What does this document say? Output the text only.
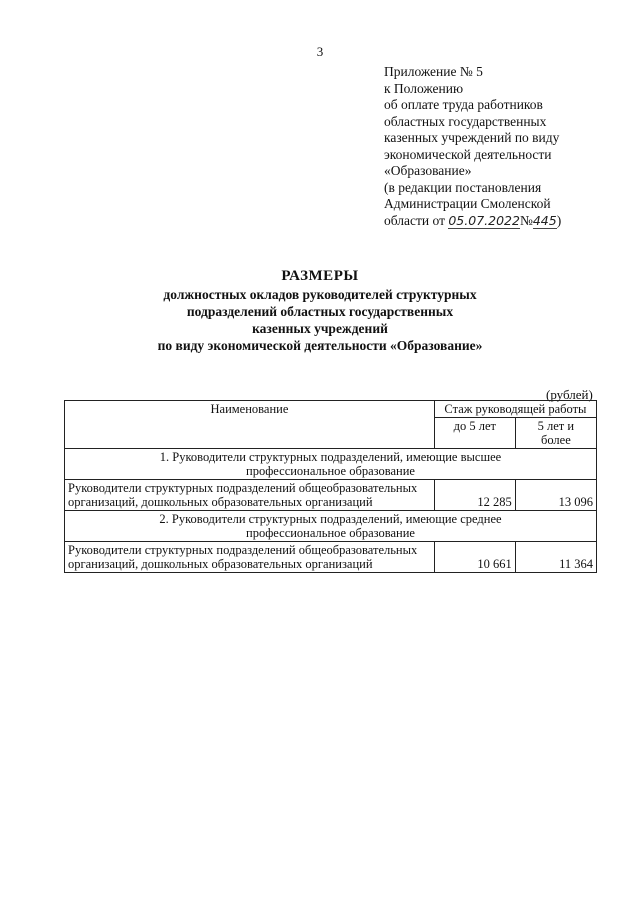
3
Приложение № 5
к Положению
об оплате труда работников
областных государственных
казенных учреждений по виду
экономической деятельности
«Образование»
(в редакции постановления
Администрации Смоленской
области от 05.07.2022№445)
РАЗМЕРЫ
должностных окладов руководителей структурных
подразделений областных государственных
казенных учреждений
по виду экономической деятельности «Образование»
(рублей)
Наименование	Стаж руководящей работы	
	до 5 лет	5 лет и
более

1. Руководители структурных подразделений, имеющие высшее
профессиональное образование		

Руководители структурных подразделений общеобразовательных
организаций, дошкольных образовательных организаций	12 285	13 096

2. Руководители структурных подразделений, имеющие среднее
профессиональное образование		

Руководители структурных подразделений общеобразовательных
организаций, дошкольных образовательных организаций	10 661	11 364
